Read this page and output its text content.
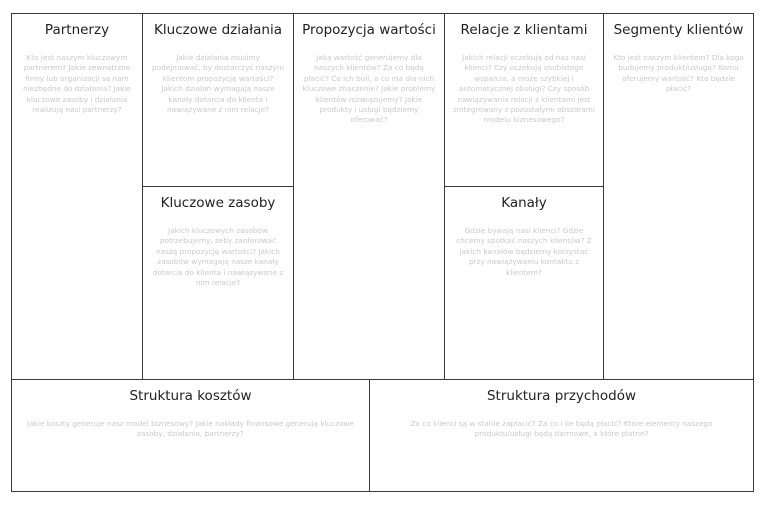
Partnerzy

Kto jest naszym kluczowym partnerem? Jakie zewnętrzne firmy lub organizacji są nam niezbędne do działania? Jakie kluczowe zasoby i działania realizują nasi partnerzy?

Kluczowe działania

Jakie działania musimy podejmować, by dostarczyć naszym klientom propozycję wartości? Jakich działań wymagają nasze kanały dotarcia do klienta i nawiązywane z nim relacje?

Kluczowe zasoby

Jakich kluczowych zasobów potrzebujemy, żeby zaoferować naszą propozycję wartości? Jakich zasobów wymagają nasze kanały dotarcia do klienta i nawiązywane z nim relacje?

Propozycja wartości

Jaką wartość generujemy dla naszych klientów? Za co będą płacić? Co ich boli, a co ma dla nich kluczowe znaczenie? Jakie problemy klientów rozwiązujemy? Jakie produkty i usługi będziemy oferować?

Relacje z klientami

Jakich relacji oczekują od nas nasi klienci? Czy oczekują osobistego wsparcia, a może szybkiej i automatycznej obsługi? Czy sposób nawiązywania relacji z klientami jest zintegrowany z pozostałymi obszarami modelu biznesowego?

Kanały

Gdzie bywają nasi klienci? Gdzie chcemy spotkać naszych klientów? Z jakich kanałów będziemy korzystać przy nawiązywaniu kontaktu z klientem?

Segmenty klientów

Kto jest naszym klientem? Dla kogo budujemy produkt/usługę? Komu oferujemy wartość? Kto będzie płacić?

Struktura kosztów

Jakie koszty generuje nasz model biznesowy? Jakie nakłady finansowe generują kluczowe zasoby, działania, partnerzy?

Struktura przychodów

Za co klienci są w stanie zapłacić? Za co i ile będą płacić? Które elementy naszego produktu/usługi będą darmowe, a które płatne?
